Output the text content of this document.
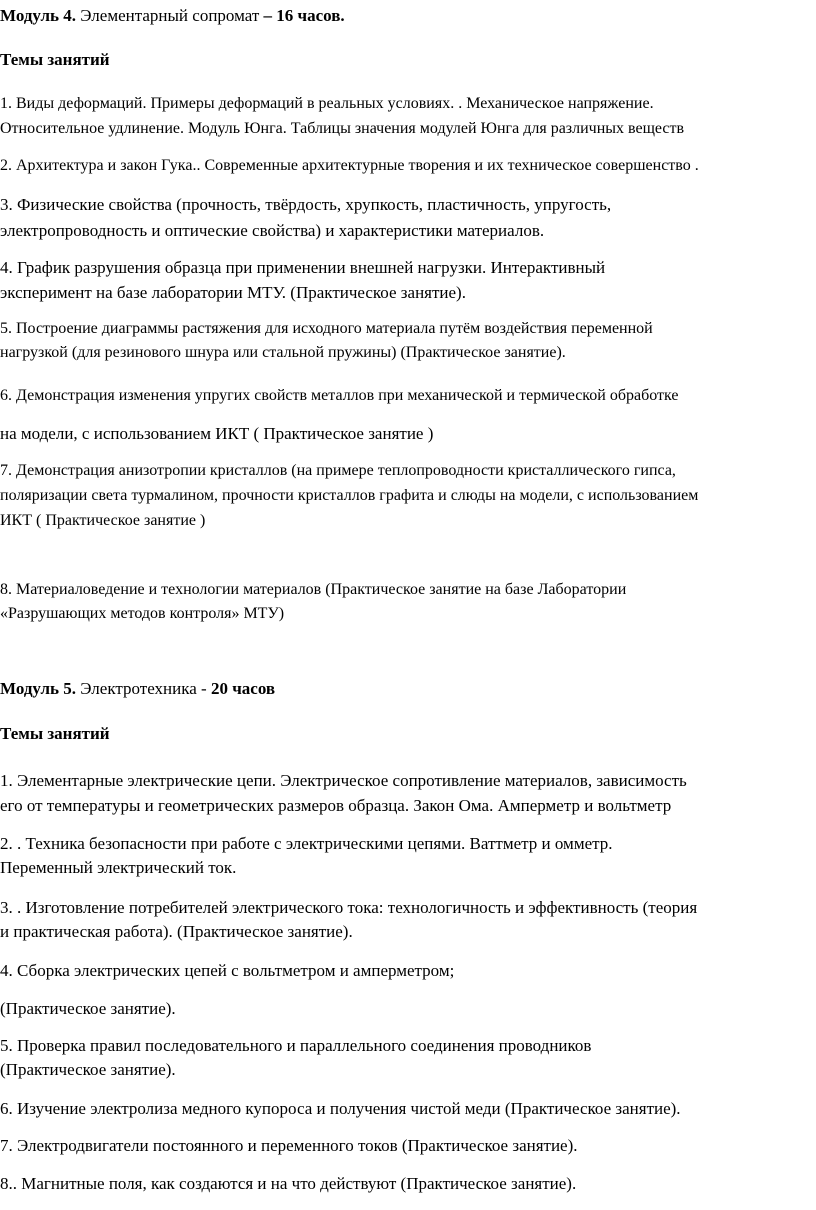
Модуль 4. Элементарный сопромат – 16 часов.
Темы занятий
1. Виды деформаций. Примеры деформаций в реальных условиях. . Механическое напряжение.
Относительное удлинение. Модуль Юнга. Таблицы значения модулей Юнга для различных веществ
2. Архитектура и закон Гука.. Современные архитектурные творения и их техническое совершенство .
3. Физические свойства (прочность, твёрдость, хрупкость, пластичность, упругость,
электропроводность и оптические свойства) и характеристики материалов.
4. График разрушения образца при применении внешней нагрузки. Интерактивный
эксперимент на базе лаборатории МТУ. (Практическое занятие).
5. Построение диаграммы растяжения для исходного материала путём воздействия переменной
нагрузкой (для резинового шнура или стальной пружины) (Практическое занятие).
6. Демонстрация изменения упругих свойств металлов при механической и термической обработке
на модели, с использованием ИКТ ( Практическое занятие )
7. Демонстрация анизотропии кристаллов (на примере теплопроводности кристаллического гипса,
поляризации света турмалином, прочности кристаллов графита и слюды на модели, с использованием
ИКТ ( Практическое занятие )
8. Материаловедение и технологии материалов (Практическое занятие на базе Лаборатории
«Разрушающих методов контроля» МТУ)
Модуль 5. Электротехника - 20 часов
Темы занятий
1. Элементарные электрические цепи. Электрическое сопротивление материалов, зависимость
его от температуры и геометрических размеров образца. Закон Ома. Амперметр и вольтметр
2. . Техника безопасности при работе с электрическими цепями. Ваттметр и омметр.
Переменный электрический ток.
3. . Изготовление потребителей электрического тока: технологичность и эффективность (теория
и практическая работа). (Практическое занятие).
4. Сборка электрических цепей с вольтметром и амперметром;
(Практическое занятие).
5. Проверка правил последовательного и параллельного соединения проводников
(Практическое занятие).
6. Изучение электролиза медного купороса и получения чистой меди (Практическое занятие).
7. Электродвигатели постоянного и переменного токов (Практическое занятие).
8.. Магнитные поля, как создаются и на что действуют (Практическое занятие).
